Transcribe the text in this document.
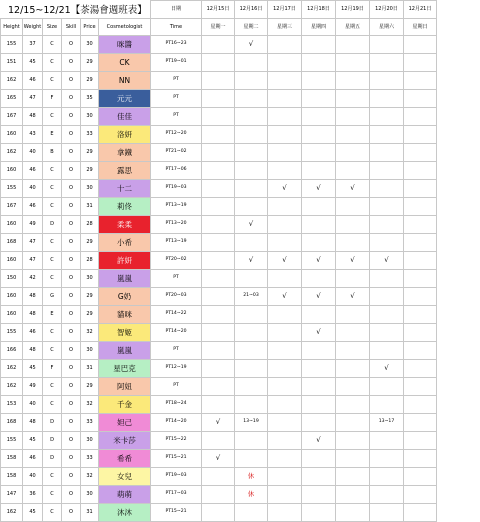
12/15~12/21【茶湯會週班表】
						日期	12月15日	12月16日	12月17日	12月18日	12月19日	12月20日	12月21日
Height	Weight	Size	Skill	Price	Cosmetologist	Time	星期一	星期二	星期三	星期四	星期五	星期六	星期日
155	37	C	O	30	咪醬	PT16~23		√					
151	45	C	O	29	CK	PT19~01							
162	46	C	O	29	NN	PT							
165	47	F	O	35	元元	PT							
167	48	C	O	30	佳佳	PT							
160	43	E	O	33	洛妍	PT12~20							
162	40	B	O	29	拿鐵	PT21~02							
160	46	C	O	29	露思	PT17~06							
155	40	C	O	30	十二	PT19~03			√	√	√		
167	46	C	O	31	莉佟	PT13~19							
160	49	D	O	28	柔柔	PT13~20		√					
168	47	C	O	29	小希	PT13~19							
160	47	C	O	28	許妍	PT20~02		√	√	√	√	√	
150	42	C	O	30	嵐嵐	PT							
160	48	G	O	29	G奶	PT20~03		21~03	√	√	√		
160	48	E	O	29	貓咪	PT14~22							
155	46	C	O	32	智姬	PT14~20				√			
166	48	C	O	30	嵐嵐	PT							
162	45	F	O	31	星巴克	PT12~19						√	
162	49	C	O	29	阿妞	PT							
153	40	C	O	32	千金	PT18~24							
168	48	D	O	33	妲己	PT14~20	√	13~19				13~17	
155	45	D	O	30	米卡莎	PT15~22				√			
158	46	D	O	33	希希	PT15~21	√						
158	40	C	O	32	女兒	PT19~03		休					
147	36	C	O	30	萌萌	PT17~03		休					
162	45	C	O	31	沐沐	PT15~21							
